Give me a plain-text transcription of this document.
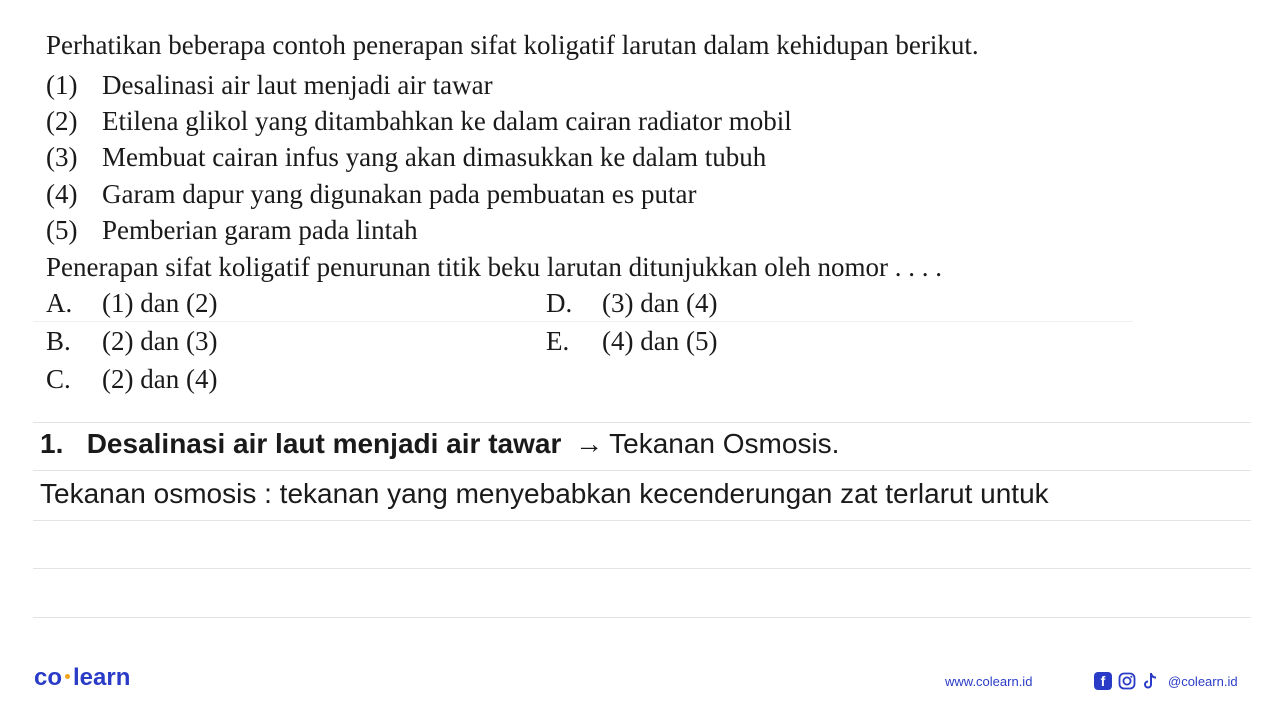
Perhatikan beberapa contoh penerapan sifat koligatif larutan dalam kehidupan berikut.
(1) Desalinasi air laut menjadi air tawar
(2) Etilena glikol yang ditambahkan ke dalam cairan radiator mobil
(3) Membuat cairan infus yang akan dimasukkan ke dalam tubuh
(4) Garam dapur yang digunakan pada pembuatan es putar
(5) Pemberian garam pada lintah
Penerapan sifat koligatif penurunan titik beku larutan ditunjukkan oleh nomor . . . .
A. (1) dan (2)
B. (2) dan (3)
C. (2) dan (4)
D. (3) dan (4)
E. (4) dan (5)
1. Desalinasi air laut menjadi air tawar → Tekanan Osmosis.
Tekanan osmosis : tekanan yang menyebabkan kecenderungan zat terlarut untuk
co learn	www.colearn.id	f	@colearn.id
